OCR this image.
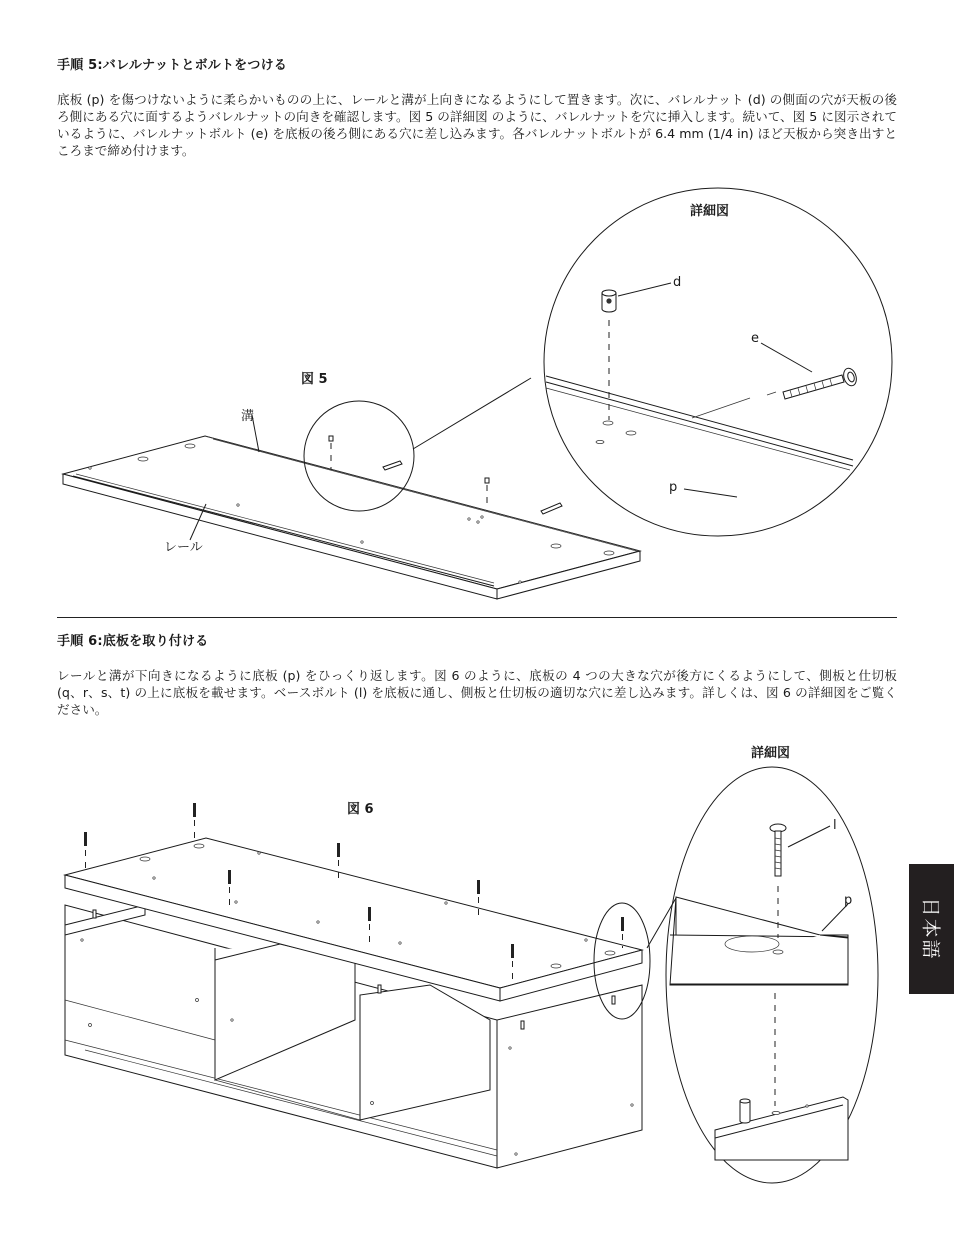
手順 5:バレルナットとボルトをつける
底板 (p) を傷つけないように柔らかいものの上に、レールと溝が上向きになるようにして置きます。次に、バレルナット (d) の側面の穴が天板の後ろ側にある穴に面するようバレルナットの向きを確認します。図 5 の詳細図 のように、バレルナットを穴に挿入します。続いて、図 5 に図示されているように、バレルナットボルト (e) を底板の後ろ側にある穴に差し込みます。各バレルナットボルトが 6.4 mm (1/4 in) ほど天板から突き出すところまで締め付けます。
詳細図
図 5
溝
レール
d
e
p
手順 6:底板を取り付ける
レールと溝が下向きになるように底板 (p) をひっくり返します。図 6 のように、底板の 4 つの大きな穴が後方にくるようにして、側板と仕切板 (q、r、s、t) の上に底板を載せます。ベースボルト (l) を底板に通し、側板と仕切板の適切な穴に差し込みます。詳しくは、図 6 の詳細図をご覧ください。
詳細図
図 6
l
p	日本語
